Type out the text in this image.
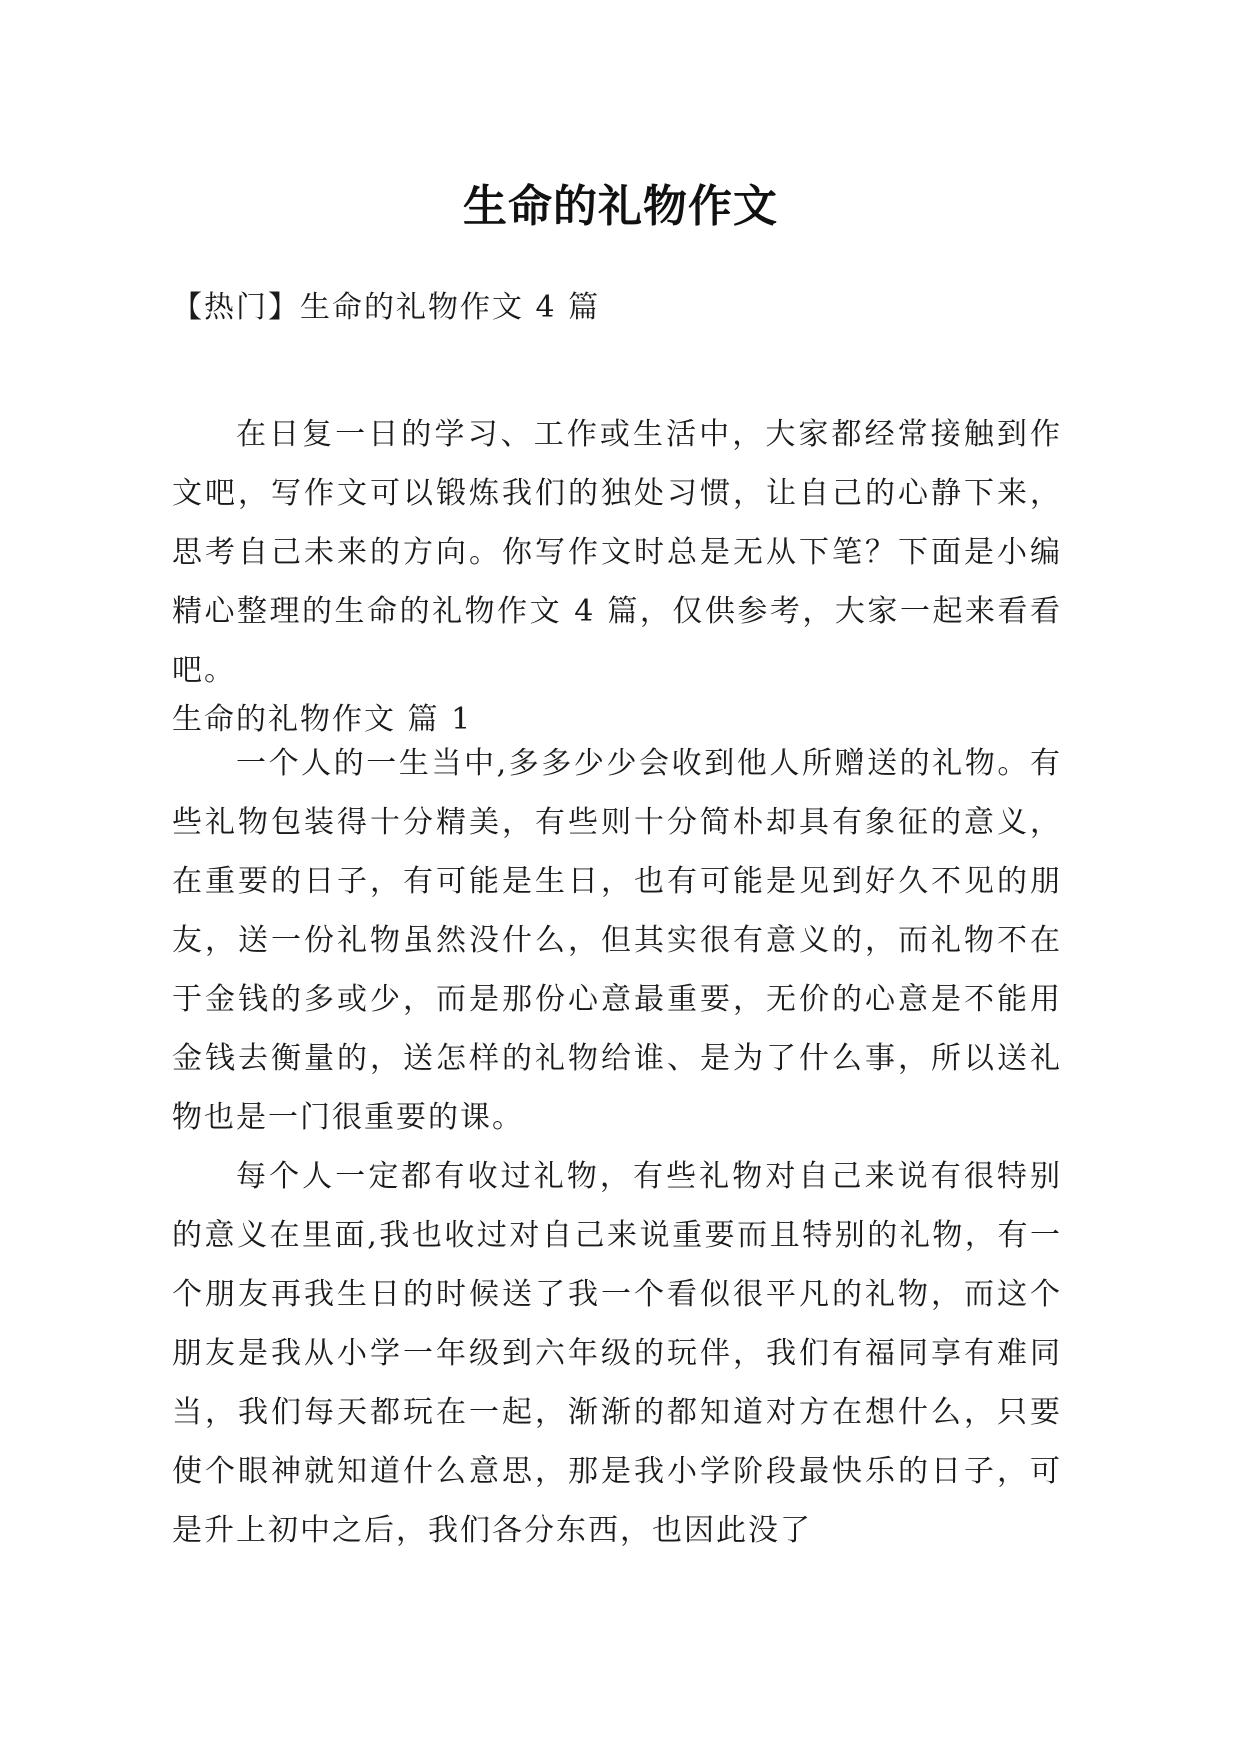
生命的礼物作文
【热门】生命的礼物作文 4 篇

在日复一日的学习、工作或生活中，大家都经常接触到作文吧，写作文可以锻炼我们的独处习惯，让自己的心静下来，思考自己未来的方向。你写作文时总是无从下笔？下面是小编精心整理的生命的礼物作文 4 篇，仅供参考，大家一起来看看吧。

生命的礼物作文 篇 1

一个人的一生当中,多多少少会收到他人所赠送的礼物。有些礼物包装得十分精美，有些则十分简朴却具有象征的意义，在重要的日子，有可能是生日，也有可能是见到好久不见的朋友，送一份礼物虽然没什么，但其实很有意义的，而礼物不在于金钱的多或少，而是那份心意最重要，无价的心意是不能用金钱去衡量的，送怎样的礼物给谁、是为了什么事，所以送礼物也是一门很重要的课。

每个人一定都有收过礼物，有些礼物对自己来说有很特别的意义在里面,我也收过对自己来说重要而且特别的礼物，有一个朋友再我生日的时候送了我一个看似很平凡的礼物，而这个朋友是我从小学一年级到六年级的玩伴，我们有福同享有难同当，我们每天都玩在一起，渐渐的都知道对方在想什么，只要使个眼神就知道什么意思，那是我小学阶段最快乐的日子，可是升上初中之后，我们各分东西，也因此没了
